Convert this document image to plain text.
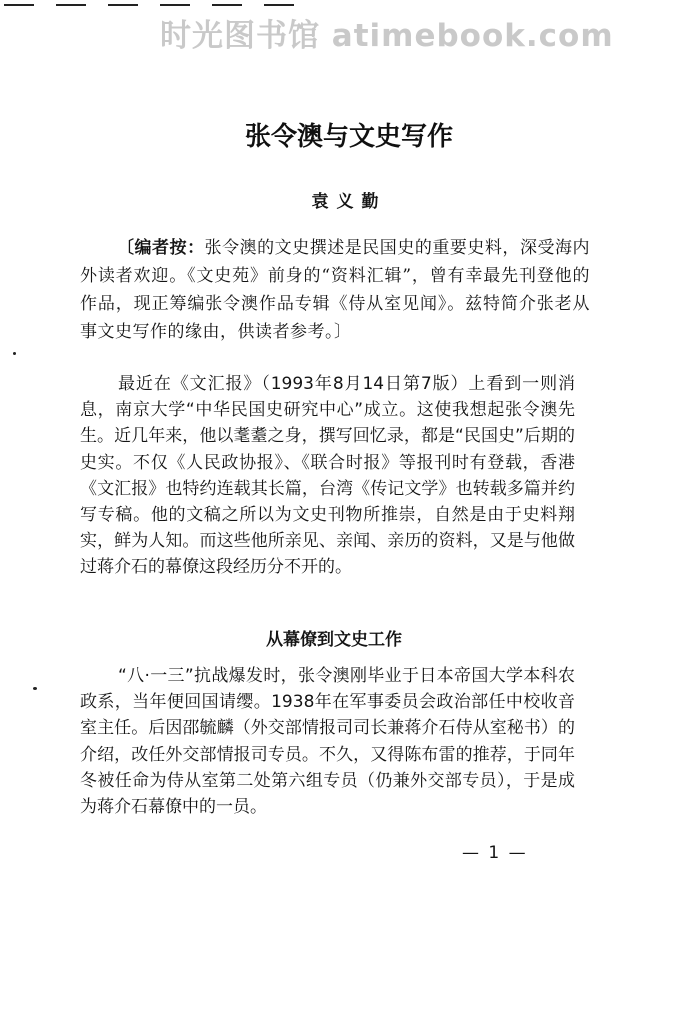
时光图书馆 atimebook.com
张令澳与文史写作
袁义勤
〔编者按：张令澳的文史撰述是民国史的重要史料，深受海内外读者欢迎。《文史苑》前身的“资料汇辑”，曾有幸最先刊登他的作品，现正筹编张令澳作品专辑《侍从室见闻》。兹特简介张老从事文史写作的缘由，供读者参考。〕

最近在《文汇报》（1993年8月14日第7版）上看到一则消息，南京大学“中华民国史研究中心”成立。这使我想起张令澳先生。近几年来，他以耄耋之身，撰写回忆录，都是“民国史”后期的史实。不仅《人民政协报》、《联合时报》等报刊时有登载，香港《文汇报》也特约连载其长篇，台湾《传记文学》也转载多篇并约写专稿。他的文稿之所以为文史刊物所推崇，自然是由于史料翔实，鲜为人知。而这些他所亲见、亲闻、亲历的资料，又是与他做过蒋介石的幕僚这段经历分不开的。

从幕僚到文史工作

“八·一三”抗战爆发时，张令澳刚毕业于日本帝国大学本科农政系，当年便回国请缨。1938年在军事委员会政治部任中校收音室主任。后因邵毓麟（外交部情报司司长兼蒋介石侍从室秘书）的介绍，改任外交部情报司专员。不久，又得陈布雷的推荐，于同年冬被任命为侍从室第二处第六组专员（仍兼外交部专员），于是成为蒋介石幕僚中的一员。

— 1 —
